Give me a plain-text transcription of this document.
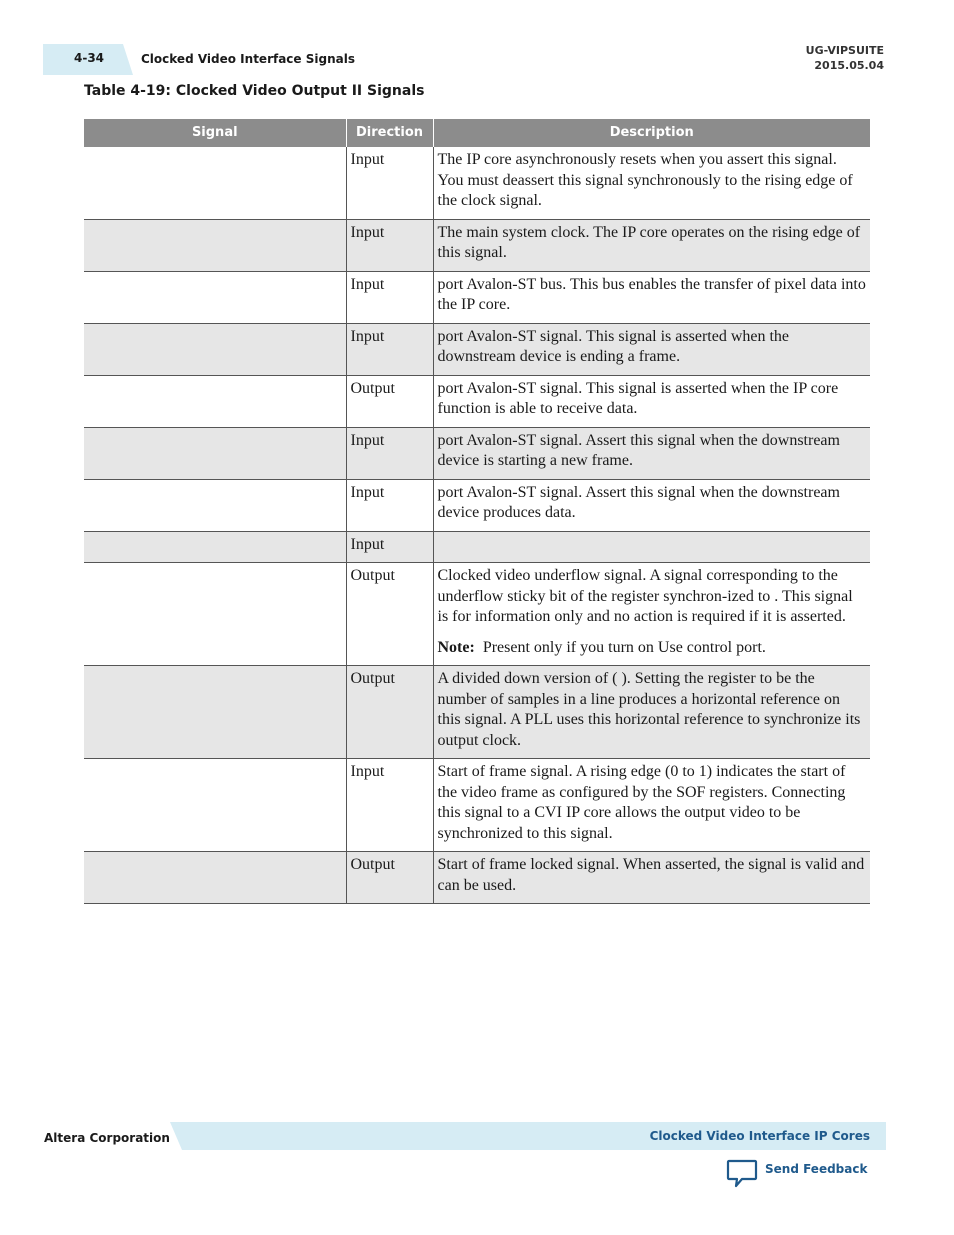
4-34	Clocked Video Interface Signals
UG-VIPSUITE
2015.05.04
Table 4-19: Clocked Video Output II Signals
Signal	Direction	Description
	Input	The IP core asynchronously resets when you assert this signal. You must deassert this signal synchronously to the rising edge of the clock signal.
	Input	The main system clock. The IP core operates on the rising edge of this signal.
	Input	port Avalon-ST bus. This bus enables the transfer of pixel data into the IP core.
	Input	port Avalon-ST signal. This signal is asserted when the downstream device is ending a frame.
	Output	port Avalon-ST signal. This signal is asserted when the IP core function is able to receive data.
	Input	port Avalon-ST signal. Assert this signal when the downstream device is starting a new frame.
	Input	port Avalon-ST signal. Assert this signal when the downstream device produces data.
	Input	
	Output	Clocked video underflow signal. A signal corresponding to the underflow sticky bit of the register synchron-ized to . This signal is for information only and no action is required if it is asserted.
Note: Present only if you turn on Use control port.

	Output	A divided down version of ( ). Setting the register to be the number of samples in a line produces a horizontal reference on this signal. A PLL uses this horizontal reference to synchronize its output clock.
	Input	Start of frame signal. A rising edge (0 to 1) indicates the start of the video frame as configured by the SOF registers. Connecting this signal to a CVI IP core allows the output video to be synchronized to this signal.
	Output	Start of frame locked signal. When asserted, the signal is valid and can be used.
Altera Corporation	Clocked Video Interface IP Cores
Send Feedback
